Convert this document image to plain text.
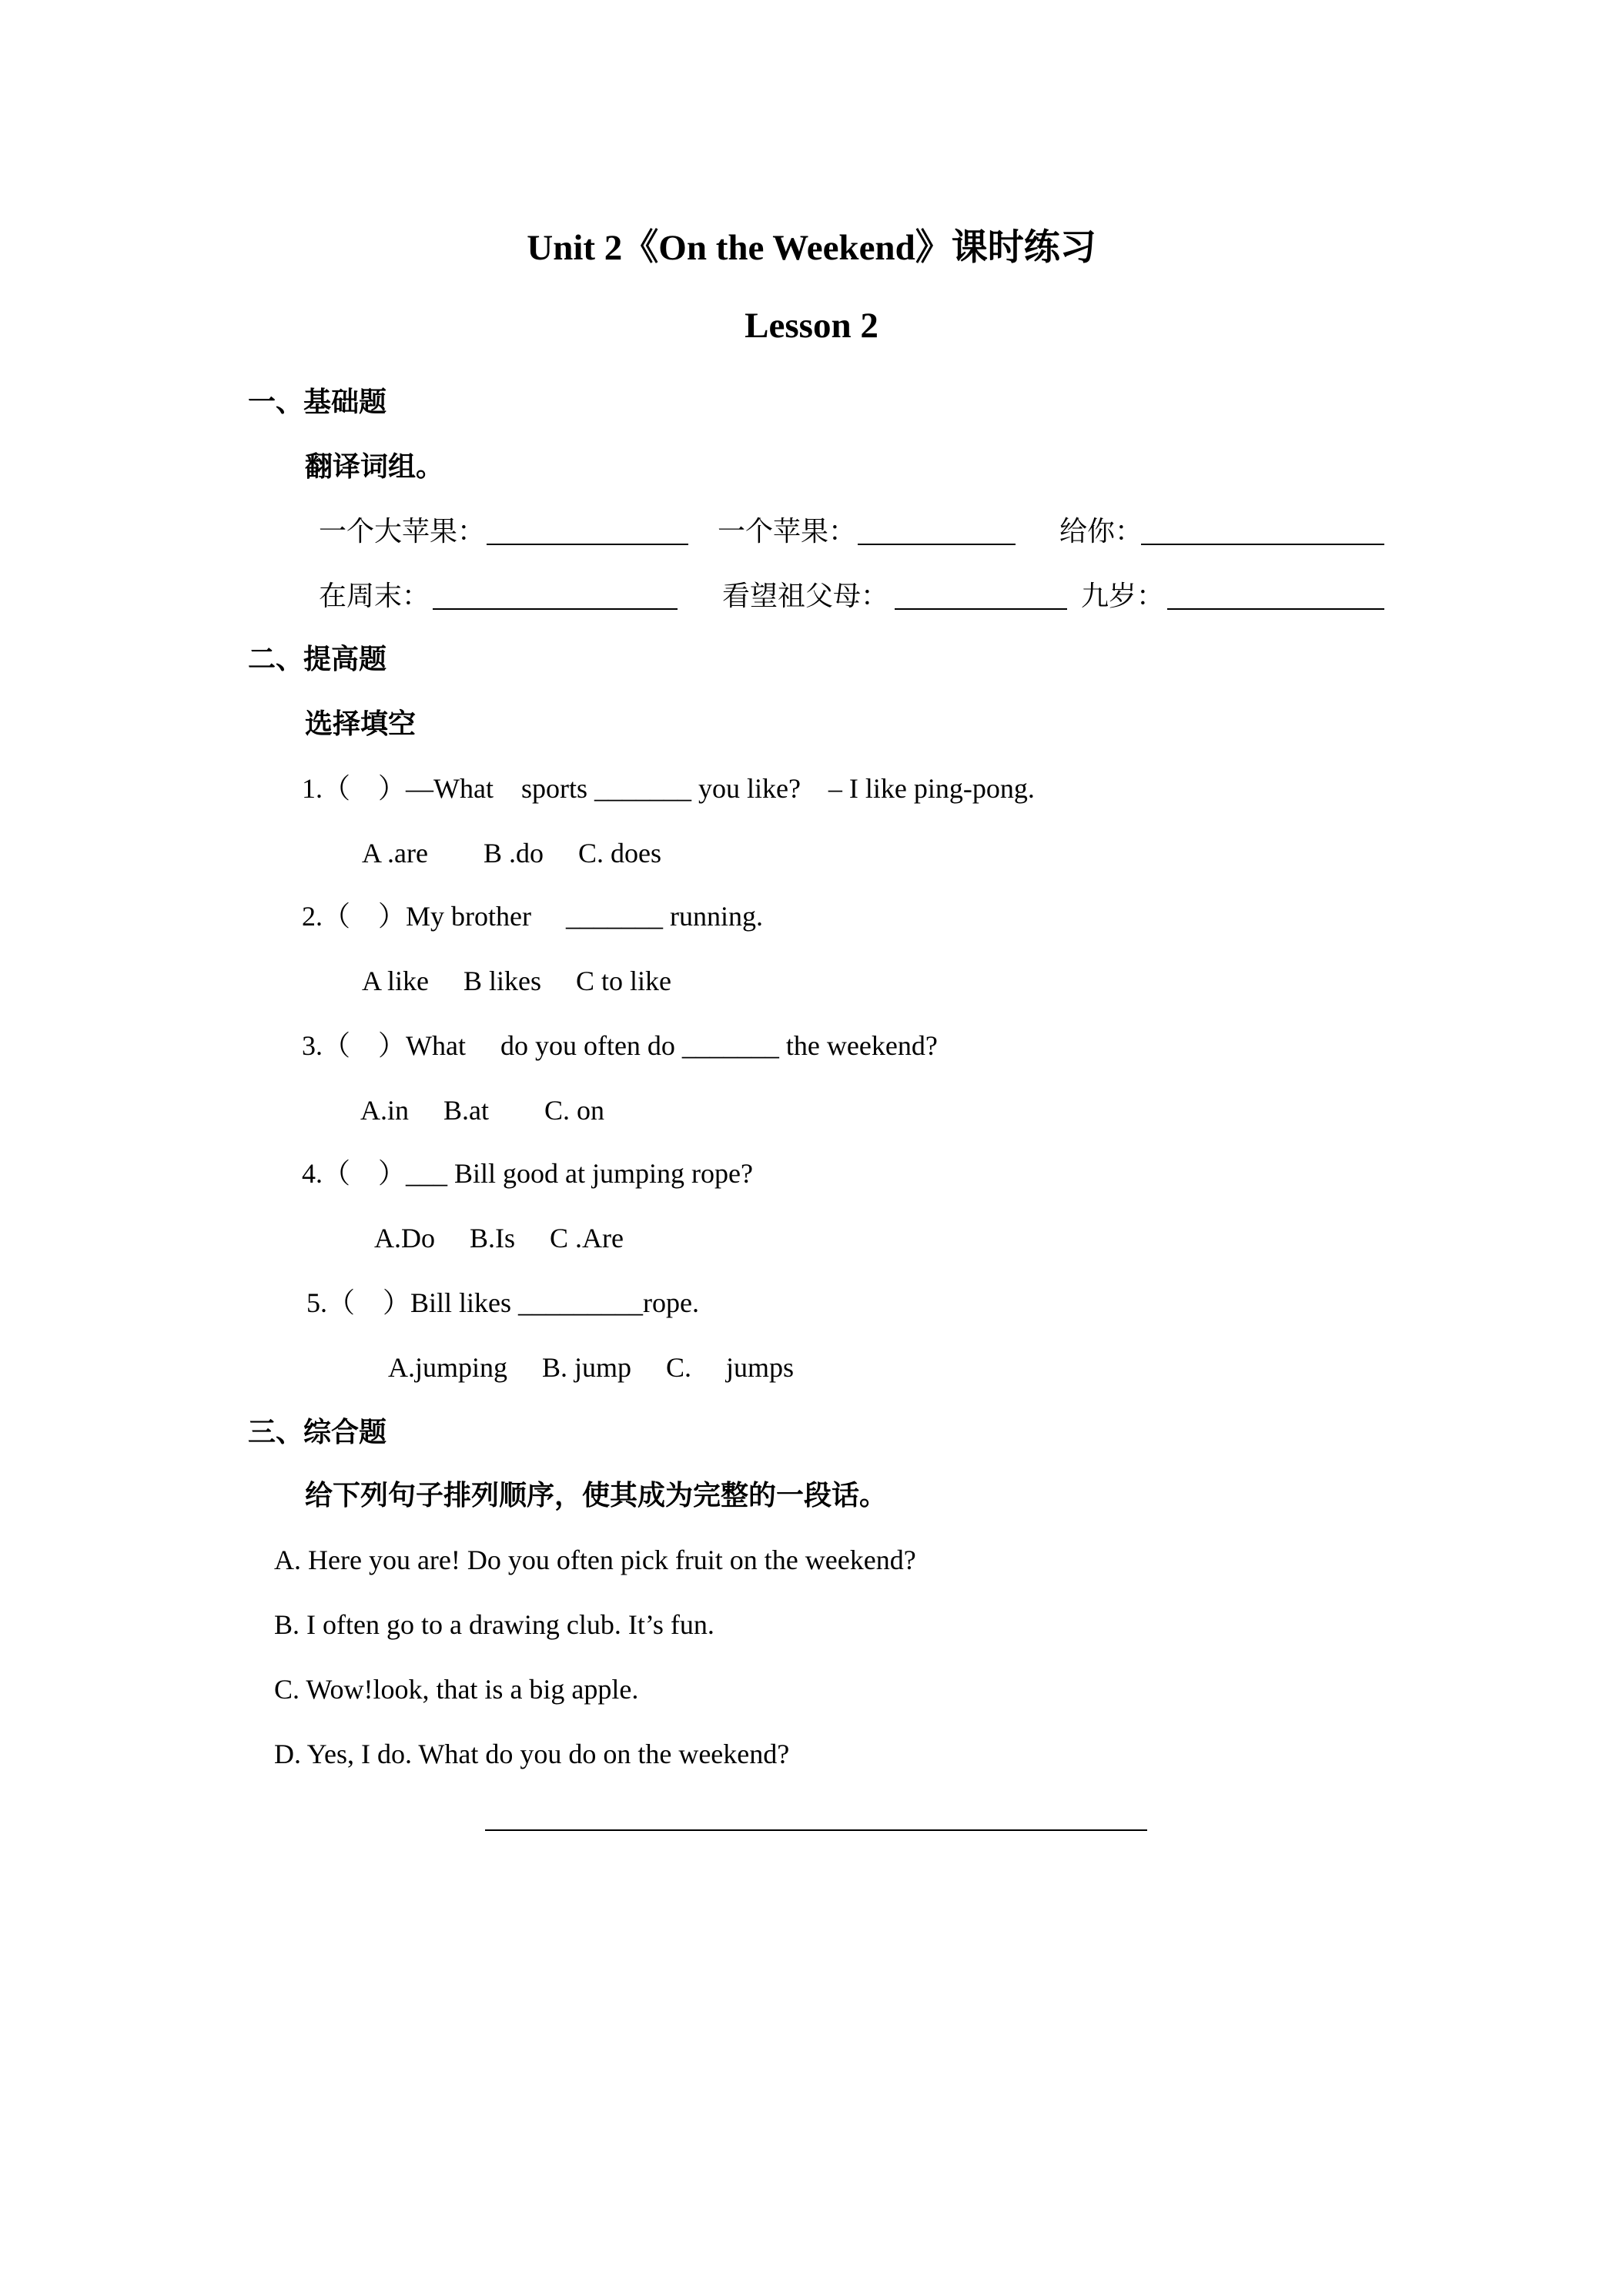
Unit 2《On the Weekend》课时练习
Lesson 2
一、基础题
翻译词组。
一个大苹果：	一个苹果：	给你：
在周末：	看望祖父母：	九岁：
二、提高题
选择填空
1.（　）—What　sports _______ you like?　– I like ping-pong.
A .are　　B .do　 C. does
2.（　）My brother　 _______ running.
A like　 B likes　 C to like
3.（　）What　 do you often do _______ the weekend?
A.in　 B.at　　C. on
4.（　）___ Bill good at jumping rope?
A.Do　 B.Is　 C .Are
5.（　）Bill likes _________rope.
A.jumping　 B. jump　 C.　 jumps
三、综合题
给下列句子排列顺序，使其成为完整的一段话。
A. Here you are! Do you often pick fruit on the weekend?
B. I often go to a drawing club. It’s fun.
C. Wow!look, that is a big apple.
D. Yes, I do. What do you do on the weekend?
